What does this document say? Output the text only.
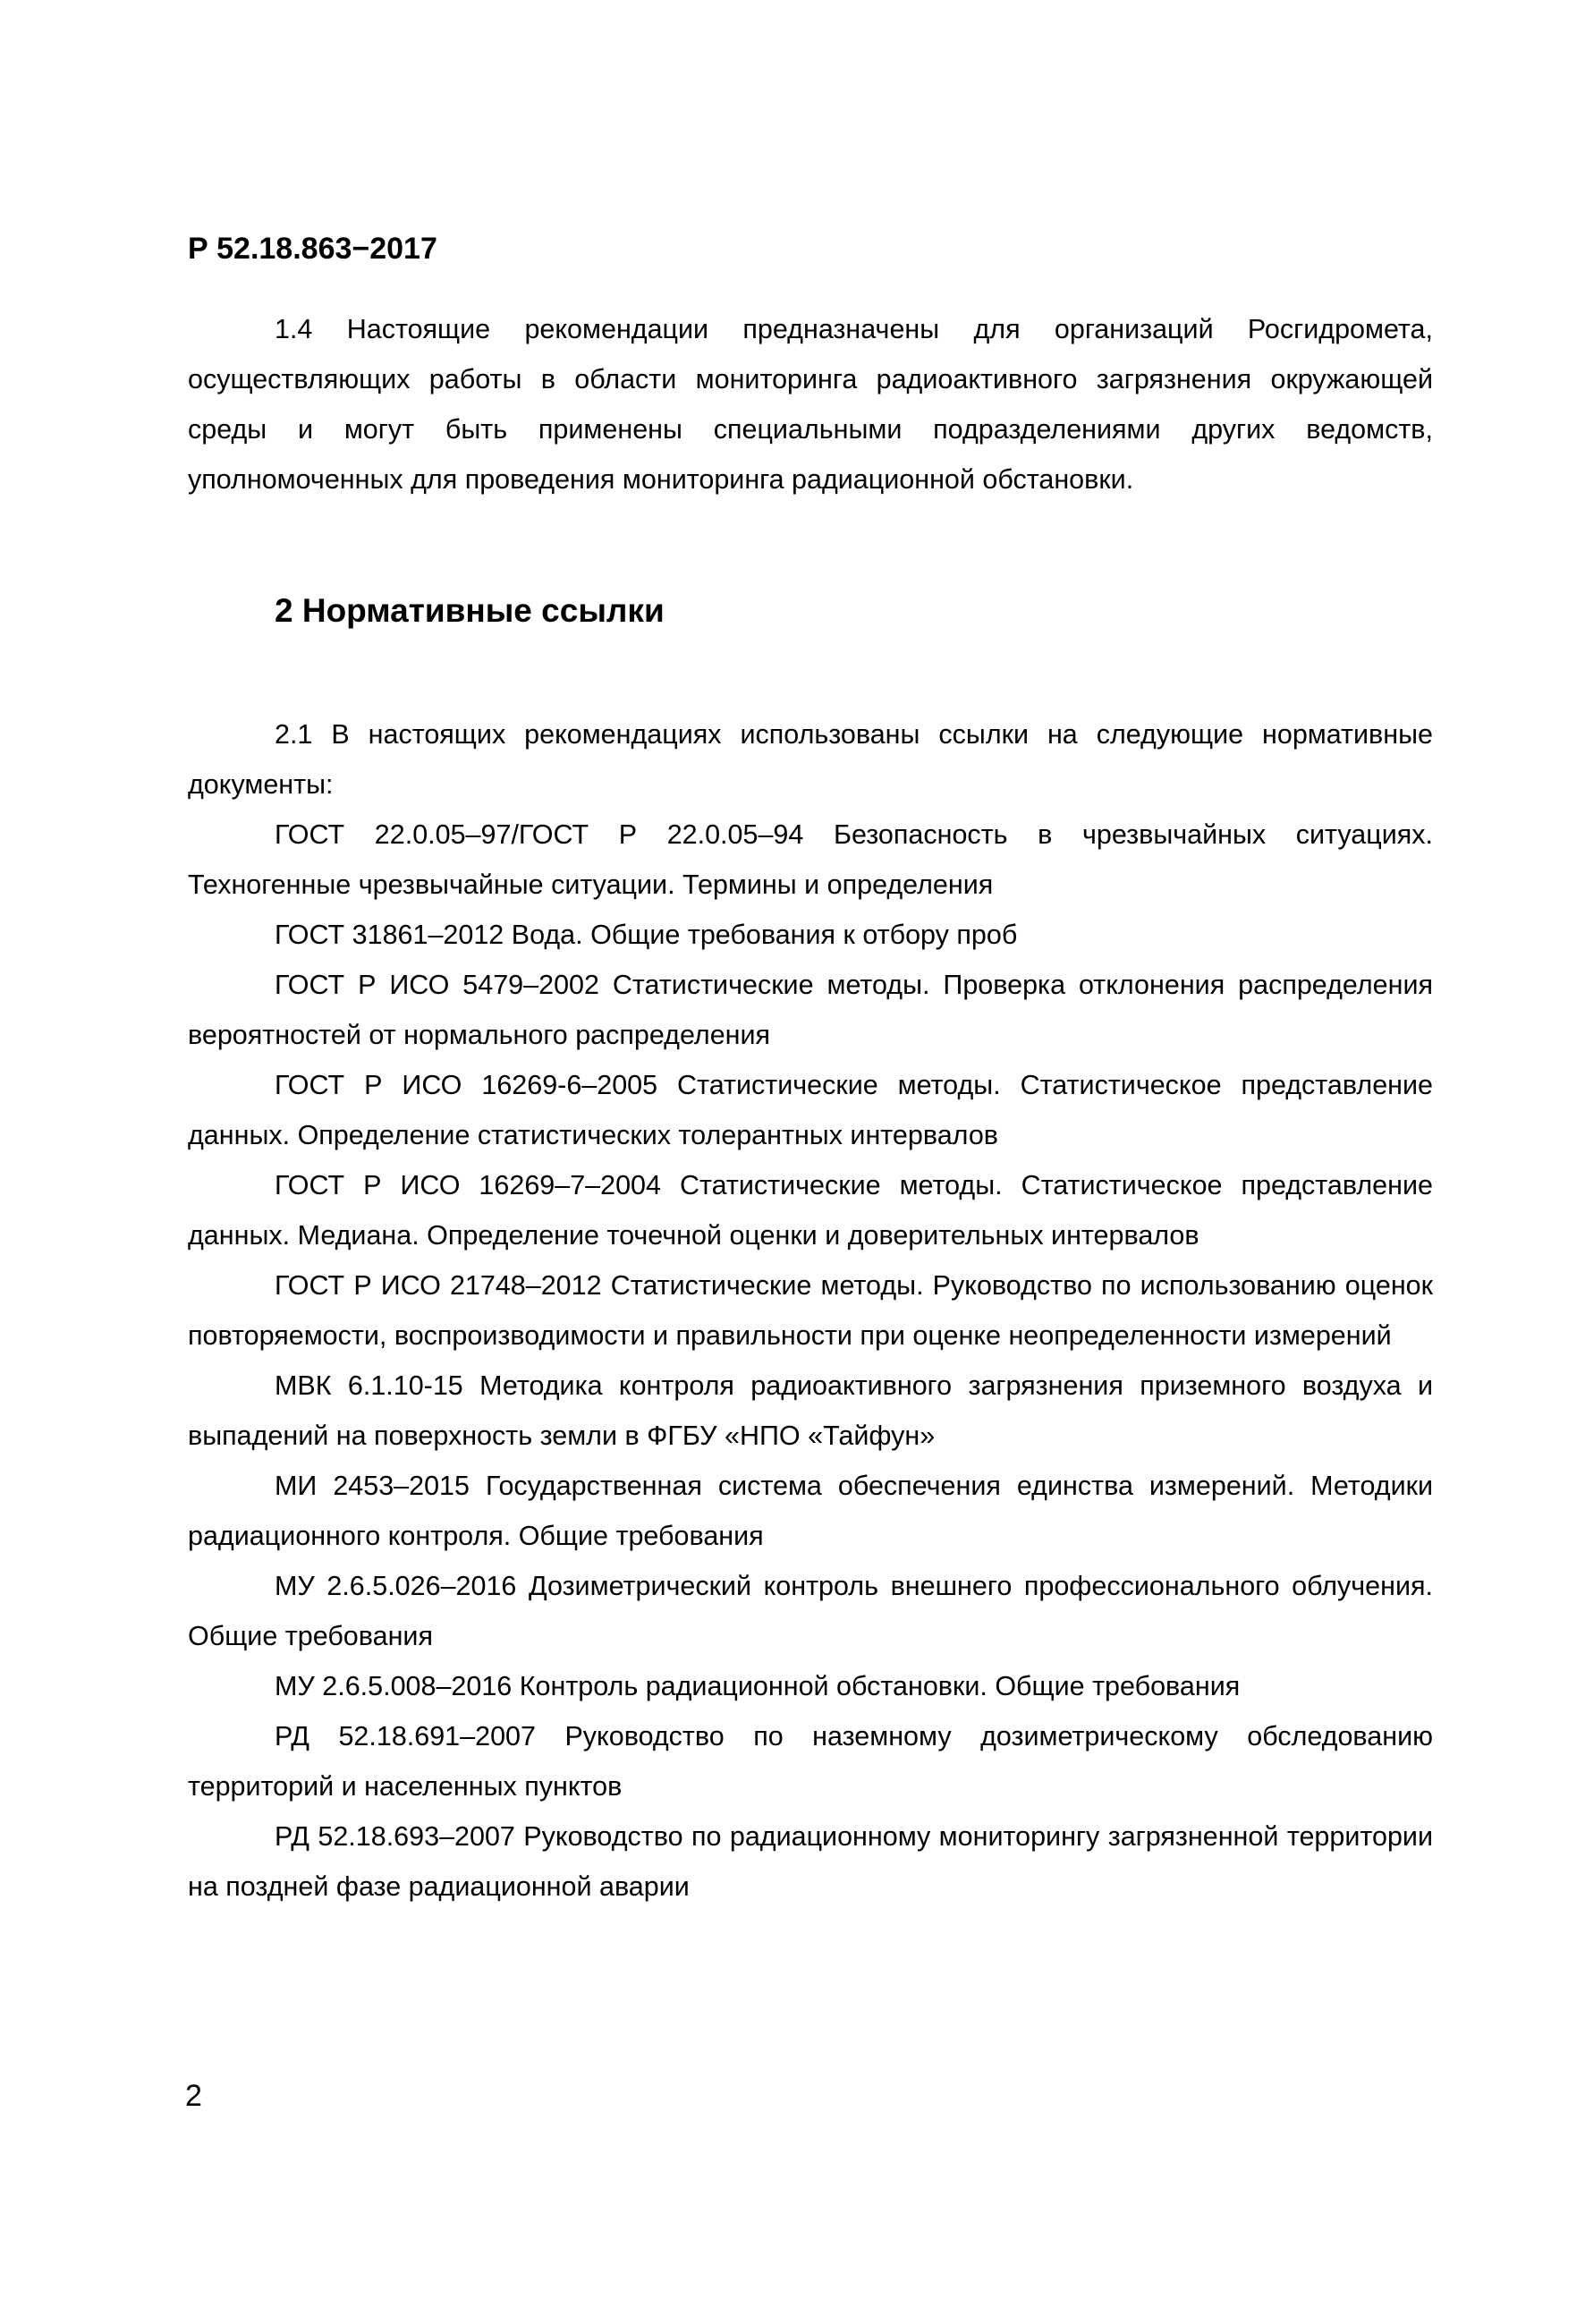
Р 52.18.863−2017

1.4 Настоящие рекомендации предназначены для организаций Росгидромета, осуществляющих работы в области мониторинга радиоактивного загрязнения окружающей среды и могут быть применены специальными подразделениями других ведомств, уполномоченных для проведения мониторинга радиационной обстановки.

2 Нормативные ссылки

2.1 В настоящих рекомендациях использованы ссылки на следующие нормативные документы:

ГОСТ 22.0.05–97/ГОСТ Р 22.0.05–94 Безопасность в чрезвычайных ситуациях. Техногенные чрезвычайные ситуации. Термины и определения

ГОСТ 31861–2012 Вода. Общие требования к отбору проб

ГОСТ Р ИСО 5479–2002 Статистические методы. Проверка отклонения распределения вероятностей от нормального распределения

ГОСТ Р ИСО 16269-6–2005 Статистические методы. Статистическое представление данных. Определение статистических толерантных интервалов

ГОСТ Р ИСО 16269–7–2004 Статистические методы. Статистическое представление данных. Медиана. Определение точечной оценки и доверительных интервалов

ГОСТ Р ИСО 21748–2012 Статистические методы. Руководство по использованию оценок повторяемости, воспроизводимости и правильности при оценке неопределенности измерений

МВК 6.1.10-15 Методика контроля радиоактивного загрязнения приземного воздуха и выпадений на поверхность земли в ФГБУ «НПО «Тайфун»

МИ 2453–2015 Государственная система обеспечения единства измерений. Методики радиационного контроля. Общие требования

МУ 2.6.5.026–2016 Дозиметрический контроль внешнего профессионального облучения. Общие требования

МУ 2.6.5.008–2016 Контроль радиационной обстановки. Общие требования

РД 52.18.691–2007 Руководство по наземному дозиметрическому обследованию территорий и населенных пунктов

РД 52.18.693–2007 Руководство по радиационному мониторингу загрязненной территории на поздней фазе радиационной аварии

2
